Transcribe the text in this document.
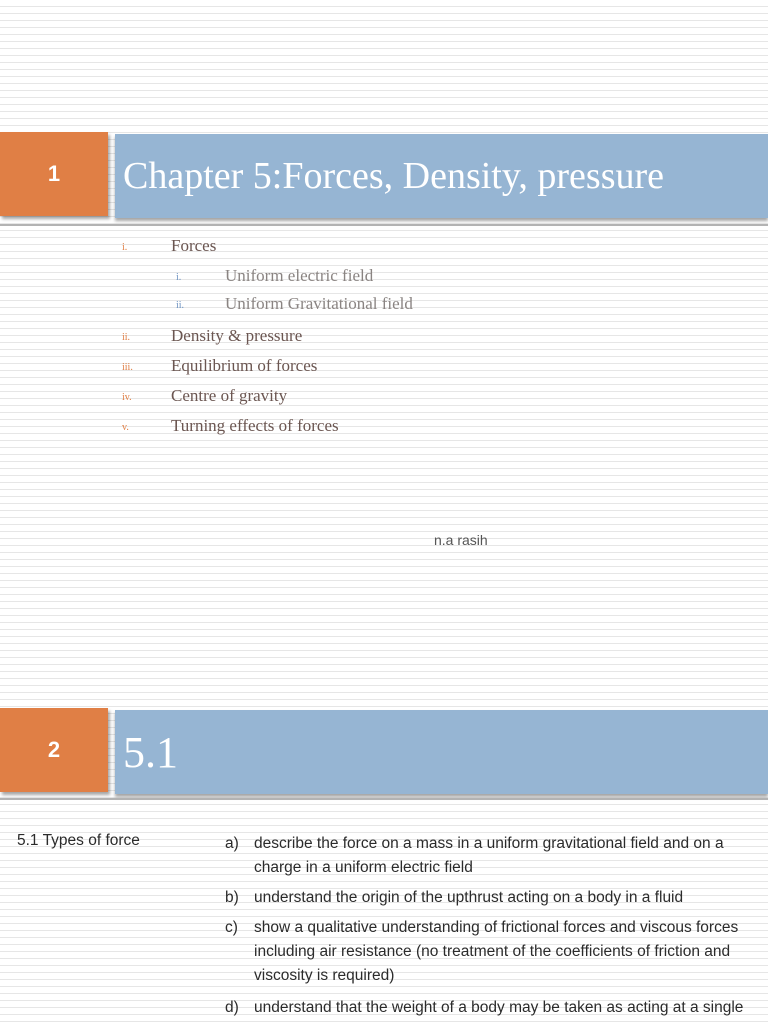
1	Chapter 5:Forces, Density, pressure
i.	Forces
i.	Uniform electric field
ii. Uniform Gravitational field
ii. Density & pressure
iii. Equilibrium of forces
iv. Centre of gravity
v. Turning effects of forces
n.a rasih
2	5.1
5.1 Types of force	a) describe the force on a mass in a uniform gravitational field and on a charge in a uniform electric field
b) understand the origin of the upthrust acting on a body in a fluid
c) show a qualitative understanding of frictional forces and viscous forces including air resistance (no treatment of the coefficients of friction and viscosity is required)
d) understand that the weight of a body may be taken as acting at a single
